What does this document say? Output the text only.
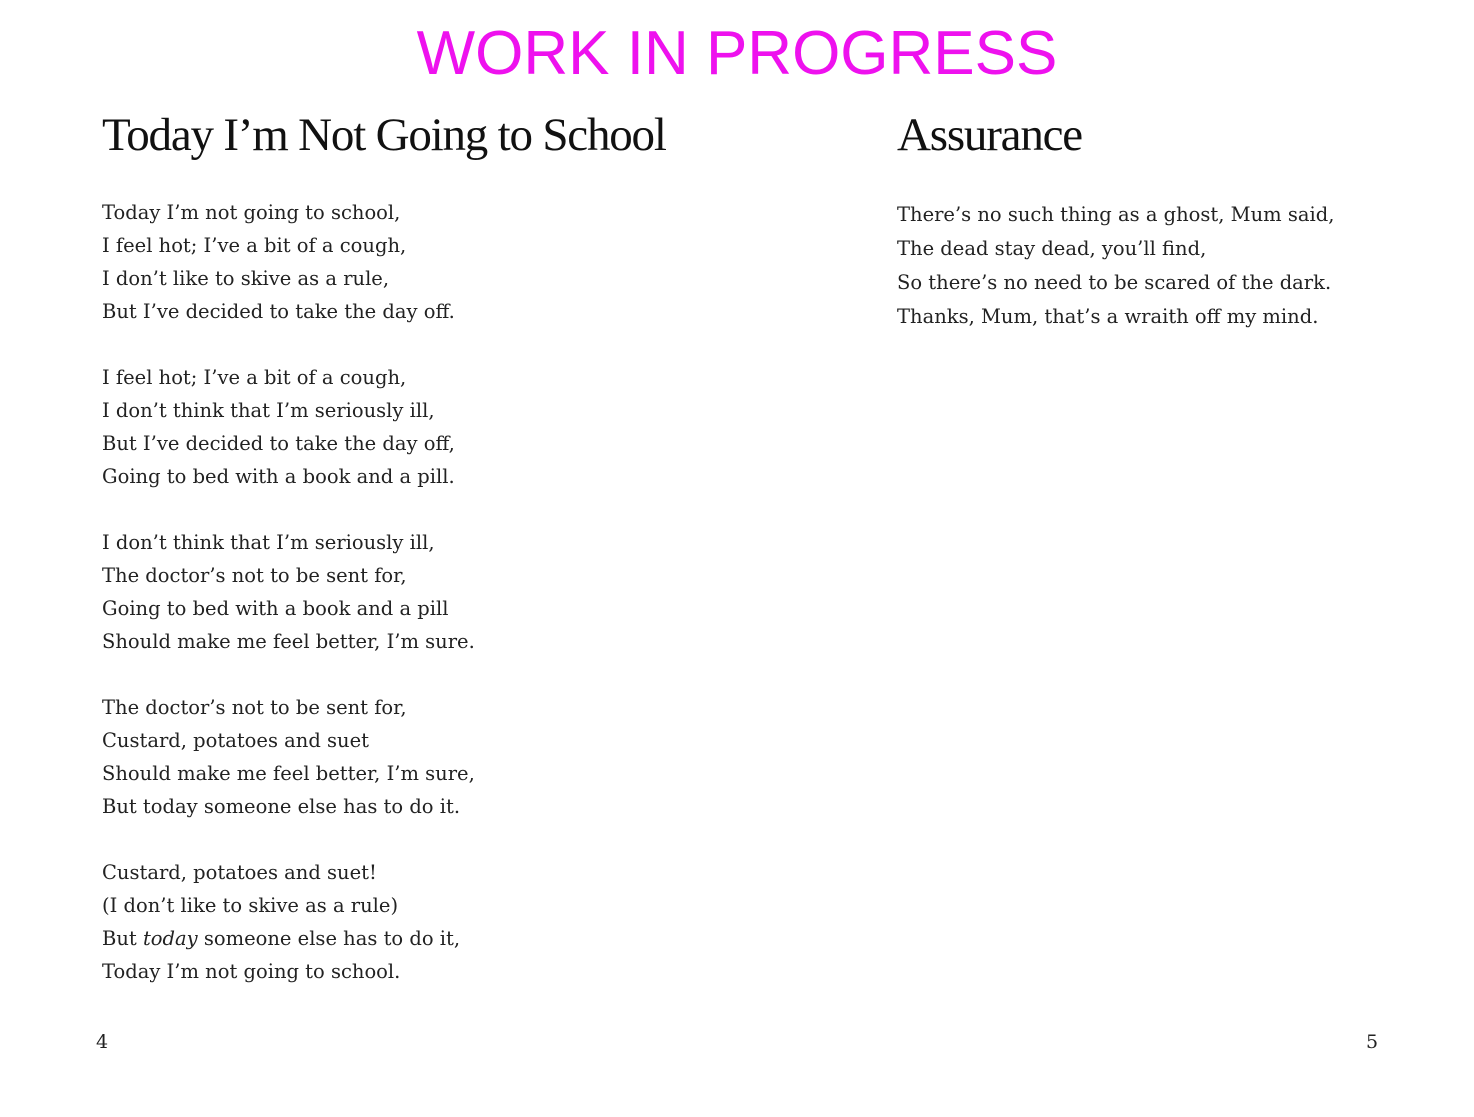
WORK IN PROGRESS
Today I’m Not Going to School

Today I’m not going to school,
I feel hot; I’ve a bit of a cough,
I don’t like to skive as a rule,
But I’ve decided to take the day off.

I feel hot; I’ve a bit of a cough,
I don’t think that I’m seriously ill,
But I’ve decided to take the day off,
Going to bed with a book and a pill.

I don’t think that I’m seriously ill,
The doctor’s not to be sent for,
Going to bed with a book and a pill
Should make me feel better, I’m sure.

The doctor’s not to be sent for,
Custard, potatoes and suet
Should make me feel better, I’m sure,
But today someone else has to do it.

Custard, potatoes and suet!
(I don’t like to skive as a rule)
But today someone else has to do it,
Today I’m not going to school.

Assurance

There’s no such thing as a ghost, Mum said,
The dead stay dead, you’ll find,
So there’s no need to be scared of the dark.
Thanks, Mum, that’s a wraith off my mind.

4	5
